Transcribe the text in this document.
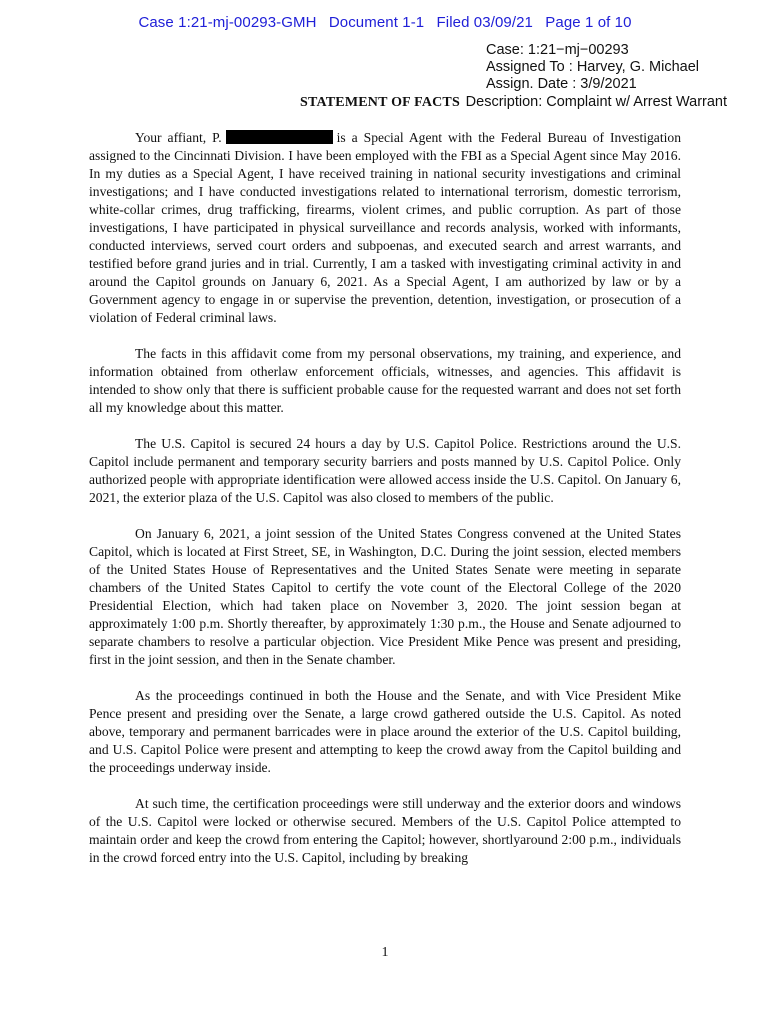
Case 1:21-mj-00293-GMH Document 1-1 Filed 03/09/21 Page 1 of 10
Case: 1:21−mj−00293
Assigned To : Harvey, G. Michael
Assign. Date : 3/9/2021
STATEMENT OF FACTS Description: Complaint w/ Arrest Warrant

Your affiant, P.	is a Special Agent with the Federal Bureau of Investigation assigned to the Cincinnati Division. I have been employed with the FBI as a Special Agent since May 2016. In my duties as a Special Agent, I have received training in national security investigations and criminal investigations; and I have conducted investigations related to international terrorism, domestic terrorism, white-collar crimes, drug trafficking, firearms, violent crimes, and public corruption. As part of those investigations, I have participated in physical surveillance and records analysis, worked with informants, conducted interviews, served court orders and subpoenas, and executed search and arrest warrants, and testified before grand juries and in trial. Currently, I am a tasked with investigating criminal activity in and around the Capitol grounds on January 6, 2021. As a Special Agent, I am authorized by law or by a Government agency to engage in or supervise the prevention, detention, investigation, or prosecution of a violation of Federal criminal laws.

The facts in this affidavit come from my personal observations, my training, and experience, and information obtained from otherlaw enforcement officials, witnesses, and agencies. This affidavit is intended to show only that there is sufficient probable cause for the requested warrant and does not set forth all my knowledge about this matter.

The U.S. Capitol is secured 24 hours a day by U.S. Capitol Police. Restrictions around the U.S. Capitol include permanent and temporary security barriers and posts manned by U.S. Capitol Police. Only authorized people with appropriate identification were allowed access inside the U.S. Capitol. On January 6, 2021, the exterior plaza of the U.S. Capitol was also closed to members of the public.

On January 6, 2021, a joint session of the United States Congress convened at the United States Capitol, which is located at First Street, SE, in Washington, D.C. During the joint session, elected members of the United States House of Representatives and the United States Senate were meeting in separate chambers of the United States Capitol to certify the vote count of the Electoral College of the 2020 Presidential Election, which had taken place on November 3, 2020. The joint session began at approximately 1:00 p.m. Shortly thereafter, by approximately 1:30 p.m., the House and Senate adjourned to separate chambers to resolve a particular objection. Vice President Mike Pence was present and presiding, first in the joint session, and then in the Senate chamber.

As the proceedings continued in both the House and the Senate, and with Vice President Mike Pence present and presiding over the Senate, a large crowd gathered outside the U.S. Capitol. As noted above, temporary and permanent barricades were in place around the exterior of the U.S. Capitol building, and U.S. Capitol Police were present and attempting to keep the crowd away from the Capitol building and the proceedings underway inside.

At such time, the certification proceedings were still underway and the exterior doors and windows of the U.S. Capitol were locked or otherwise secured. Members of the U.S. Capitol Police attempted to maintain order and keep the crowd from entering the Capitol; however, shortlyaround 2:00 p.m., individuals in the crowd forced entry into the U.S. Capitol, including by breaking

1
